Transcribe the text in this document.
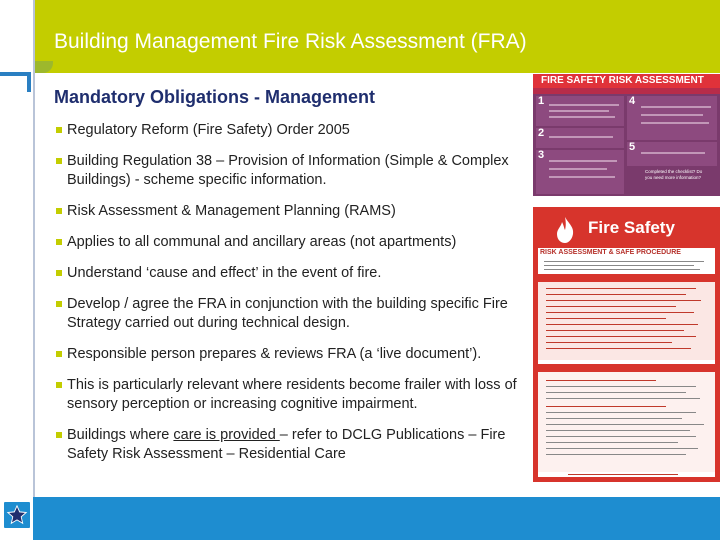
Building Management Fire Risk Assessment (FRA)
Mandatory Obligations - Management
Regulatory Reform (Fire Safety) Order 2005
Building Regulation 38 – Provision of Information (Simple & Complex Buildings) - scheme specific information.
Risk Assessment & Management Planning (RAMS)
Applies to all communal and ancillary areas (not apartments)
Understand ‘cause and effect’ in the event of fire.
Develop / agree the FRA in conjunction with the building specific Fire Strategy carried out during technical design.
Responsible person prepares & reviews FRA (a ‘live document’).
This is particularly relevant where residents become frailer with loss of sensory perception or increasing cognitive impairment.
Buildings where care is provided – refer to DCLG Publications – Fire Safety Risk Assessment – Residential Care
FIRE SAFETY RISK ASSESSMENT
1
2
3
4
5
Completed the checklist? Do you need more information?
Fire Safety
RISK ASSESSMENT & SAFE PROCEDURE
